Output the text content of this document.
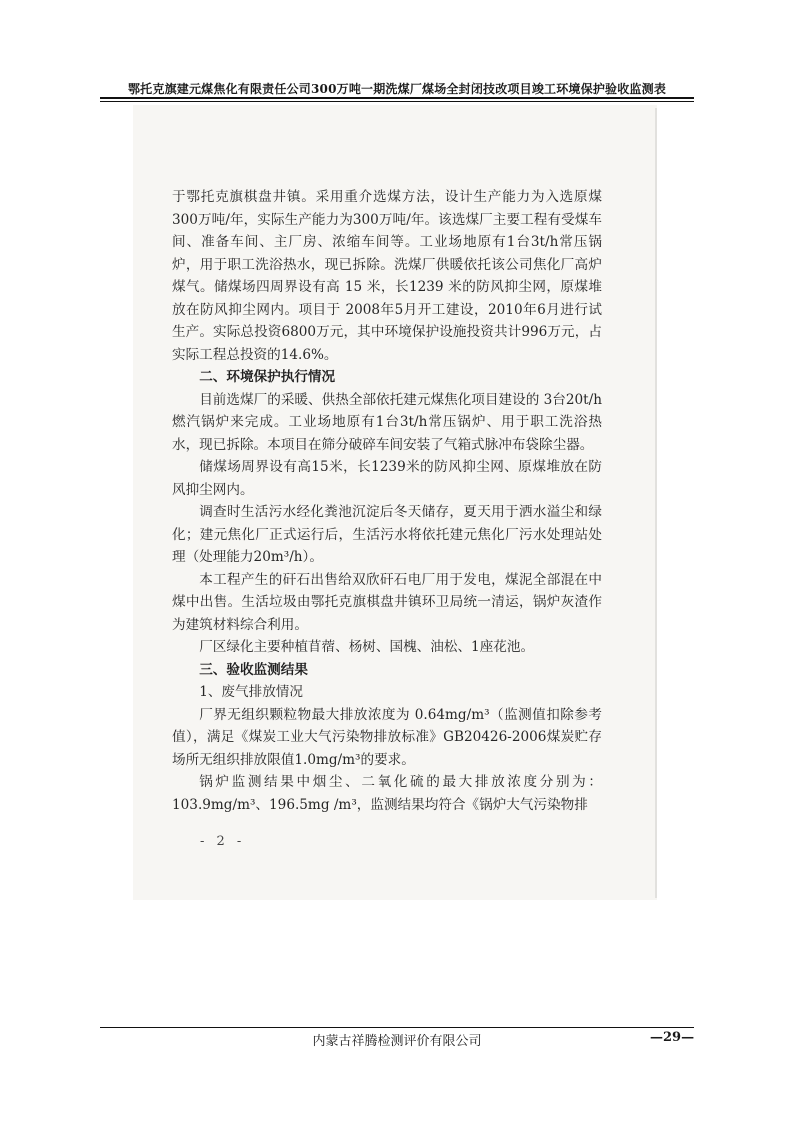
鄂托克旗建元煤焦化有限责任公司300万吨一期洗煤厂煤场全封闭技改项目竣工环境保护验收监测表

于鄂托克旗棋盘井镇。采用重介选煤方法，设计生产能力为入选原煤300万吨/年，实际生产能力为300万吨/年。该选煤厂主要工程有受煤车间、准备车间、主厂房、浓缩车间等。工业场地原有1台3t/h常压锅炉，用于职工洗浴热水，现已拆除。洗煤厂供暖依托该公司焦化厂高炉煤气。储煤场四周界设有高 15 米，长1239 米的防风抑尘网，原煤堆放在防风抑尘网内。项目于 2008年5月开工建设，2010年6月进行试生产。实际总投资6800万元，其中环境保护设施投资共计996万元，占实际工程总投资的14.6%。

二、环境保护执行情况

目前选煤厂的采暖、供热全部依托建元煤焦化项目建设的 3台20t/h燃汽锅炉来完成。工业场地原有1台3t/h常压锅炉、用于职工洗浴热水，现已拆除。本项目在筛分破碎车间安装了气箱式脉冲布袋除尘器。

储煤场周界设有高15米，长1239米的防风抑尘网、原煤堆放在防风抑尘网内。

调查时生活污水经化粪池沉淀后冬天储存，夏天用于洒水溢尘和绿化；建元焦化厂正式运行后，生活污水将依托建元焦化厂污水处理站处理（处理能力20m³/h）。

本工程产生的矸石出售给双欣矸石电厂用于发电，煤泥全部混在中煤中出售。生活垃圾由鄂托克旗棋盘井镇环卫局统一清运，锅炉灰渣作为建筑材料综合利用。

厂区绿化主要种植苜蓿、杨树、国槐、油松、1座花池。

三、验收监测结果

1、废气排放情况

厂界无组织颗粒物最大排放浓度为 0.64mg/m³（监测值扣除参考值），满足《煤炭工业大气污染物排放标准》GB20426-2006煤炭贮存场所无组织排放限值1.0mg/m³的要求。

锅炉监测结果中烟尘、二氧化硫的最大排放浓度分别为：103.9mg/m³、196.5mg /m³，监测结果均符合《锅炉大气污染物排

- 2 -
内蒙古祥腾检测评价有限公司	—29—
